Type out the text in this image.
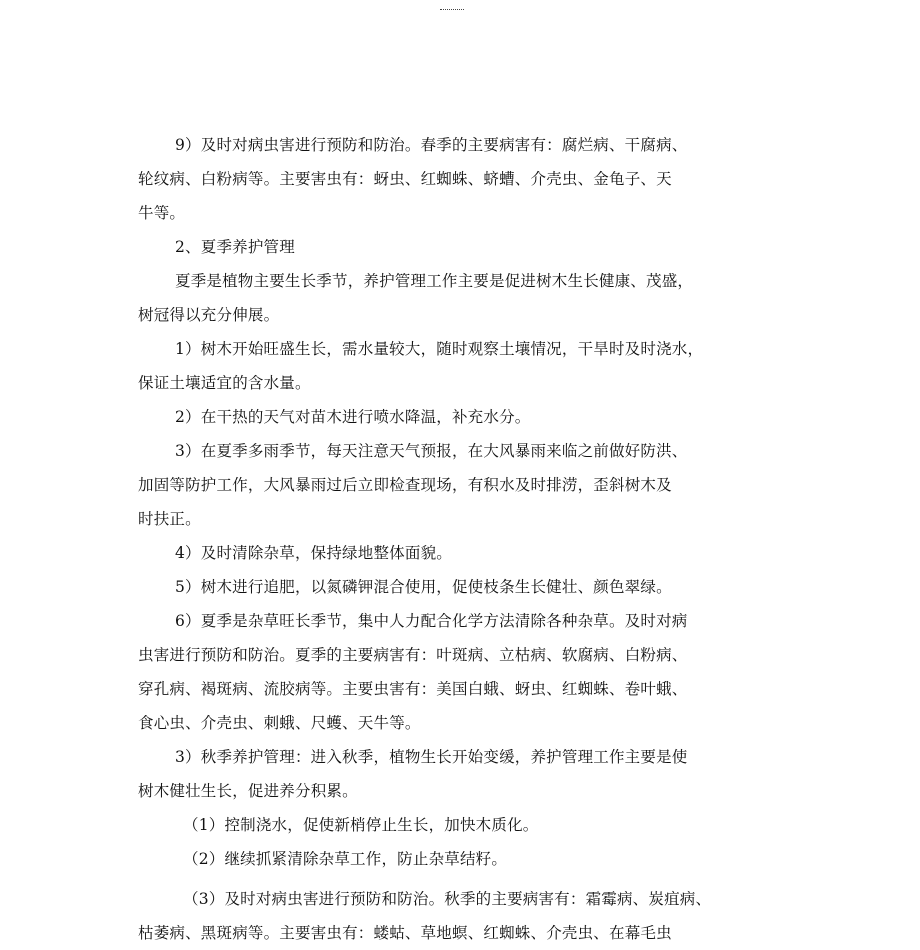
9）及时对病虫害进行预防和防治。春季的主要病害有：腐烂病、干腐病、
轮纹病、白粉病等。主要害虫有：蚜虫、红蜘蛛、蛴螬、介壳虫、金龟子、天
牛等。

2、夏季养护管理

夏季是植物主要生长季节，养护管理工作主要是促进树木生长健康、茂盛，
树冠得以充分伸展。

1）树木开始旺盛生长，需水量较大，随时观察土壤情况，干旱时及时浇水，
保证土壤适宜的含水量。

2）在干热的天气对苗木进行喷水降温，补充水分。

3）在夏季多雨季节，每天注意天气预报，在大风暴雨来临之前做好防洪、
加固等防护工作，大风暴雨过后立即检查现场，有积水及时排涝，歪斜树木及
时扶正。

4）及时清除杂草，保持绿地整体面貌。

5）树木进行追肥，以氮磷钾混合使用，促使枝条生长健壮、颜色翠绿。

6）夏季是杂草旺长季节，集中人力配合化学方法清除各种杂草。及时对病
虫害进行预防和防治。夏季的主要病害有：叶斑病、立枯病、软腐病、白粉病、
穿孔病、褐斑病、流胶病等。主要虫害有：美国白蛾、蚜虫、红蜘蛛、卷叶蛾、
食心虫、介壳虫、刺蛾、尺蠖、天牛等。

3）秋季养护管理：进入秋季，植物生长开始变缓，养护管理工作主要是使
树木健壮生长，促进养分积累。

（1）控制浇水，促使新梢停止生长，加快木质化。

（2）继续抓紧清除杂草工作，防止杂草结籽。

（3）及时对病虫害进行预防和防治。秋季的主要病害有：霜霉病、炭疽病、
枯萎病、黑斑病等。主要害虫有：蝼蛄、草地螟、红蜘蛛、介壳虫、在幕毛虫
